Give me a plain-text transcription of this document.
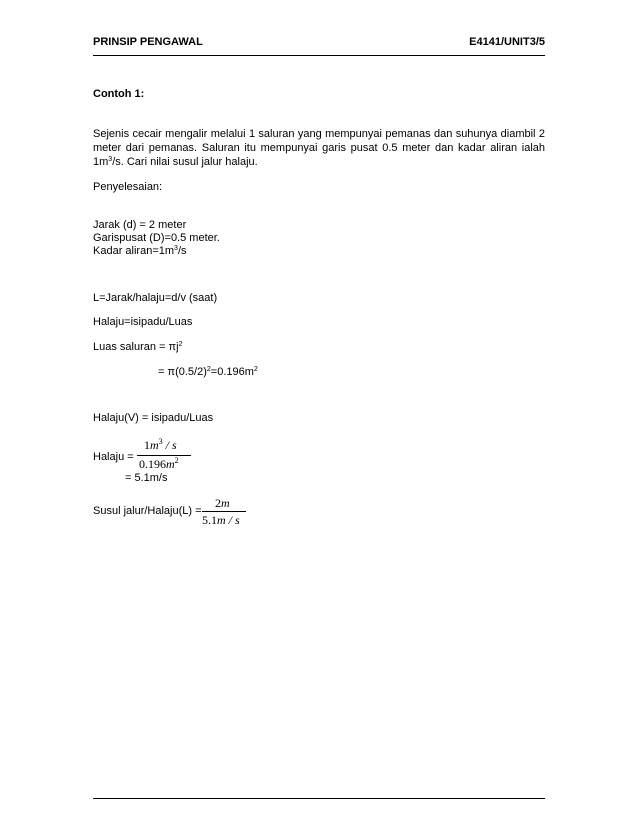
PRINSIP PENGAWAL	E4141/UNIT3/5
Contoh 1:
Sejenis cecair mengalir melalui 1 saluran yang mempunyai pemanas dan suhunya diambil 2 meter dari pemanas. Saluran itu mempunyai garis pusat 0.5 meter dan kadar aliran ialah $1m^3/s$. Cari nilai susul jalur halaju.
Penyelesaian:
Jarak (d) = 2 meter
Garispusat (D)=0.5 meter.
Kadar $aliran=1m^3/s$
L=Jarak/halaju=d/v (saat)
Halaju=isipadu/Luas
Luas saluran = $\pi j^2$
= $\pi(0.5/2)^2=0.196m^2$
Halaju(V) = isipadu/Luas
Halaju =
$1m^3$ / s
$0.196m^2$
= 5.1m/s
Susul jalur/Halaju(L) =
2m
5.1m / s
